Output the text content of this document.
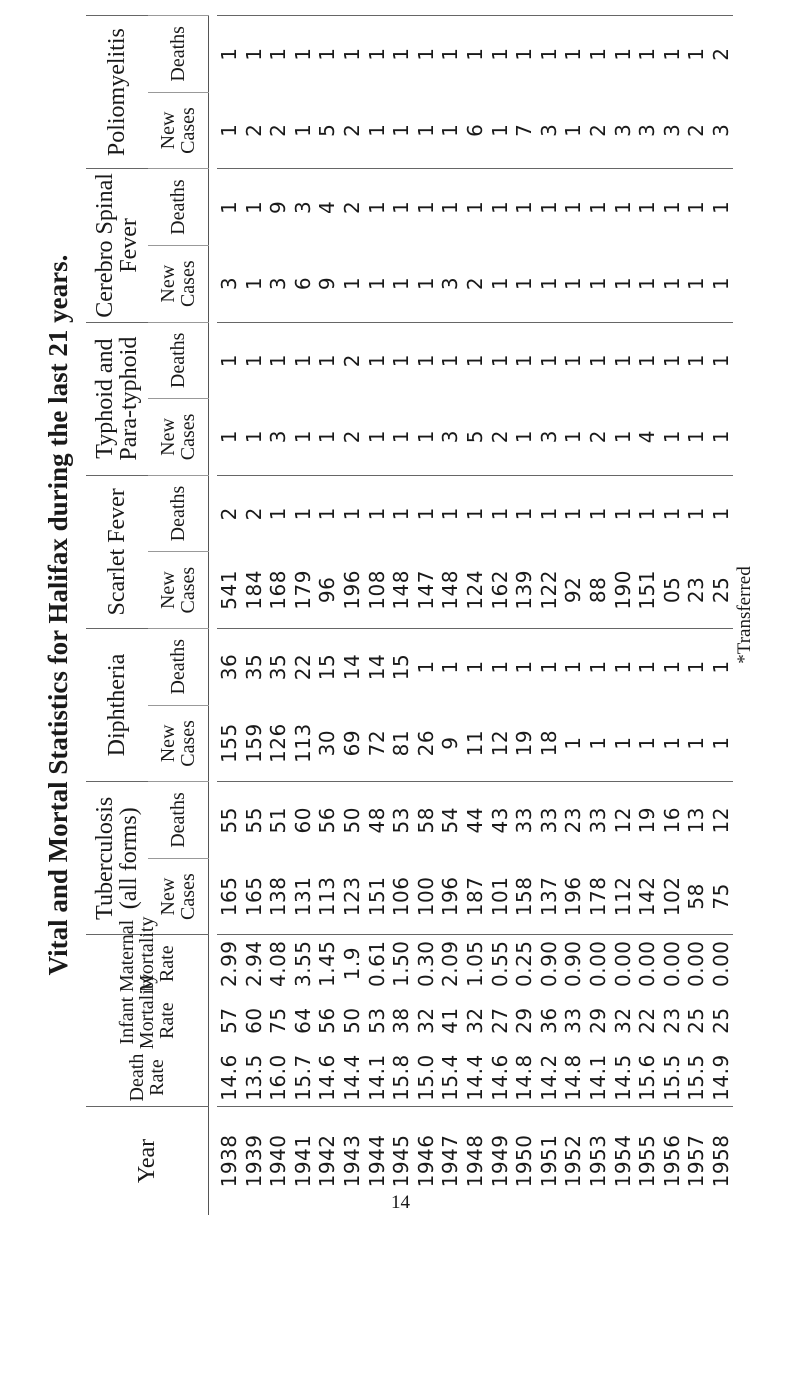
Vital and Mortal Statistics for Halifax during the last 21 years.
Year	Death Rate	Infant Mortality Rate	Maternal Mortality Rate	Tuberculosis (all forms)		Diphtheria		Scarlet Fever		Typhoid and Para-typhoid		Cerebro Spinal Fever		Poliomyelitis	
				New Cases	Deaths	New Cases	Deaths	New Cases	Deaths	New Cases	Deaths	New Cases	Deaths	New Cases	Deaths

1938	14.6	57	2.99	165	55	155	36	541	2	1	1	3	1	1	1
1939	13.5	60	2.94	165	55	159	35	184	2	1	1	1	1	2	1
1940	16.0	75	4.08	138	51	126	35	168	1	3	1	3	9	2	1
1941	15.7	64	3.55	131	60	113	22	179	1	1	1	6	3	1	1
1942	14.6	56	1.45	113	56	30	15	96	1	1	1	9	4	5	1
1943	14.4	50	1.9	123	50	69	14	196	1	2	2	1	2	2	1
1944	14.1	53	0.61	151	48	72	14	108	1	1	1	1	1	1	1
1945	15.8	38	1.50	106	53	81	15	148	1	1	1	1	1	1	1
1946	15.0	32	0.30	100	58	26	1	147	1	1	1	1	1	1	1
1947	15.4	41	2.09	196	54	9	1	148	1	3	1	3	1	1	1
1948	14.4	32	1.05	187	44	11	1	124	1	5	1	2	1	6	1
1949	14.6	27	0.55	101	43	12	1	162	1	2	1	1	1	1	1
1950	14.8	29	0.25	158	33	19	1	139	1	1	1	1	1	7	1
1951	14.2	36	0.90	137	33	18	1	122	1	3	1	1	1	3	1
1952	14.8	33	0.90	196	23	1	1	92	1	1	1	1	1	1	1
1953	14.1	29	0.00	178	33	1	1	88	1	2	1	1	1	2	1
1954	14.5	32	0.00	112	12	1	1	190	1	1	1	1	1	3	1
1955	15.6	22	0.00	142	19	1	1	151	1	4	1	1	1	3	1
1956	15.5	23	0.00	102	16	1	1	05	1	1	1	1	1	3	1
1957	15.5	25	0.00	58	13	1	1	23	1	1	1	1	1	2	1
1958	14.9	25	0.00	75	12	1	1	25	1	1	1	1	1	3	2
*Transferred
14
